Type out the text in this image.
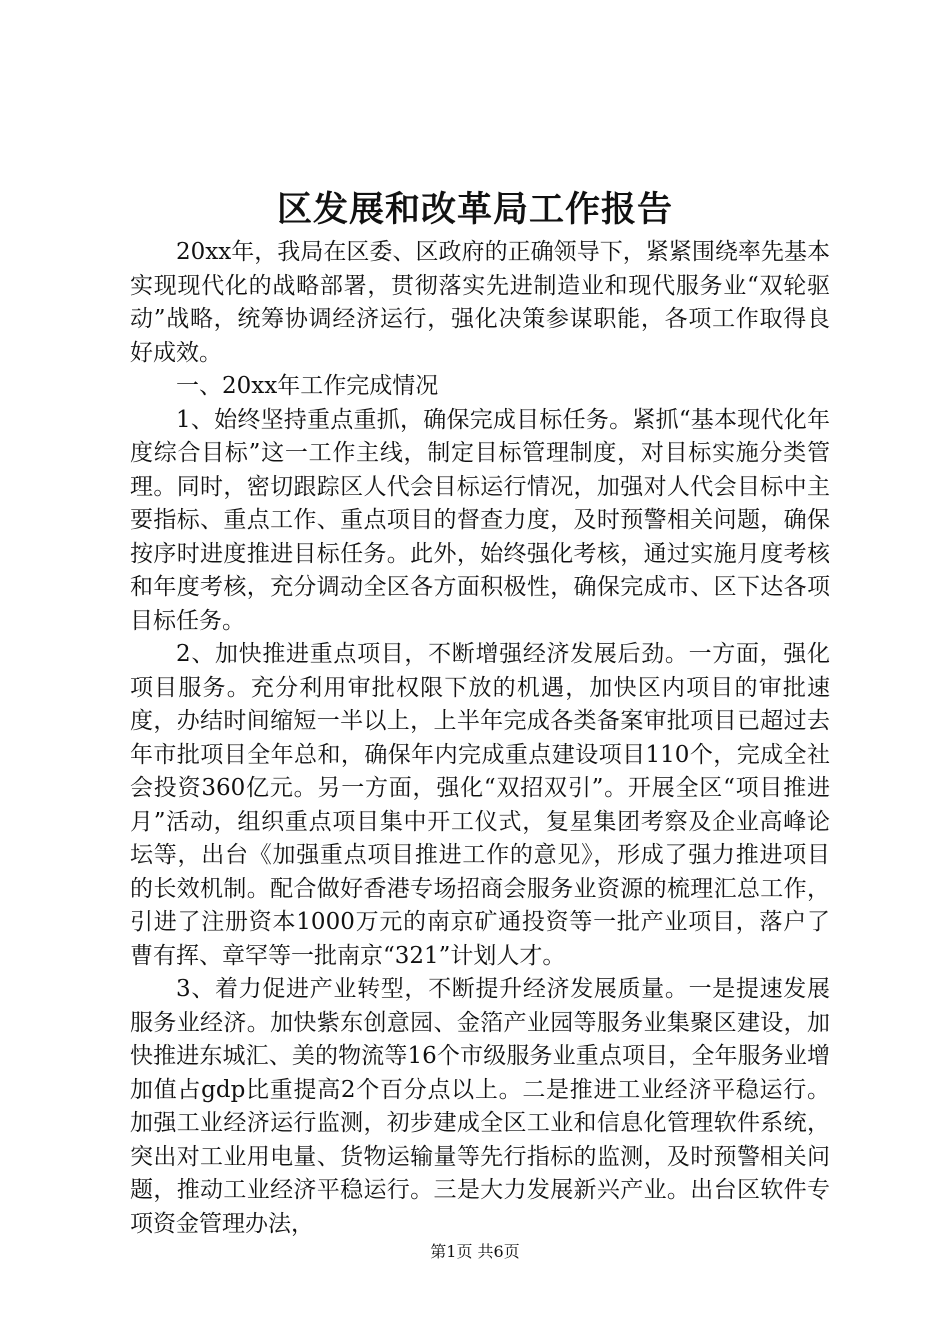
区发展和改革局工作报告

20xx年，我局在区委、区政府的正确领导下，紧紧围绕率先基本实现现代化的战略部署，贯彻落实先进制造业和现代服务业“双轮驱动”战略，统筹协调经济运行，强化决策参谋职能，各项工作取得良好成效。

一、20xx年工作完成情况

1、始终坚持重点重抓，确保完成目标任务。紧抓“基本现代化年度综合目标”这一工作主线，制定目标管理制度，对目标实施分类管理。同时，密切跟踪区人代会目标运行情况，加强对人代会目标中主要指标、重点工作、重点项目的督查力度，及时预警相关问题，确保按序时进度推进目标任务。此外，始终强化考核，通过实施月度考核和年度考核，充分调动全区各方面积极性，确保完成市、区下达各项目标任务。

2、加快推进重点项目，不断增强经济发展后劲。一方面，强化项目服务。充分利用审批权限下放的机遇，加快区内项目的审批速度，办结时间缩短一半以上，上半年完成各类备案审批项目已超过去年市批项目全年总和，确保年内完成重点建设项目110个，完成全社会投资360亿元。另一方面，强化“双招双引”。开展全区“项目推进月”活动，组织重点项目集中开工仪式，复星集团考察及企业高峰论坛等，出台《加强重点项目推进工作的意见》，形成了强力推进项目的长效机制。配合做好香港专场招商会服务业资源的梳理汇总工作，引进了注册资本1000万元的南京矿通投资等一批产业项目，落户了曹有挥、章罕等一批南京“321”计划人才。

3、着力促进产业转型，不断提升经济发展质量。一是提速发展服务业经济。加快紫东创意园、金箔产业园等服务业集聚区建设，加快推进东城汇、美的物流等16个市级服务业重点项目，全年服务业增加值占gdp比重提高2个百分点以上。二是推进工业经济平稳运行。加强工业经济运行监测，初步建成全区工业和信息化管理软件系统，突出对工业用电量、货物运输量等先行指标的监测，及时预警相关问题，推动工业经济平稳运行。三是大力发展新兴产业。出台区软件专项资金管理办法，

第1页 共6页
